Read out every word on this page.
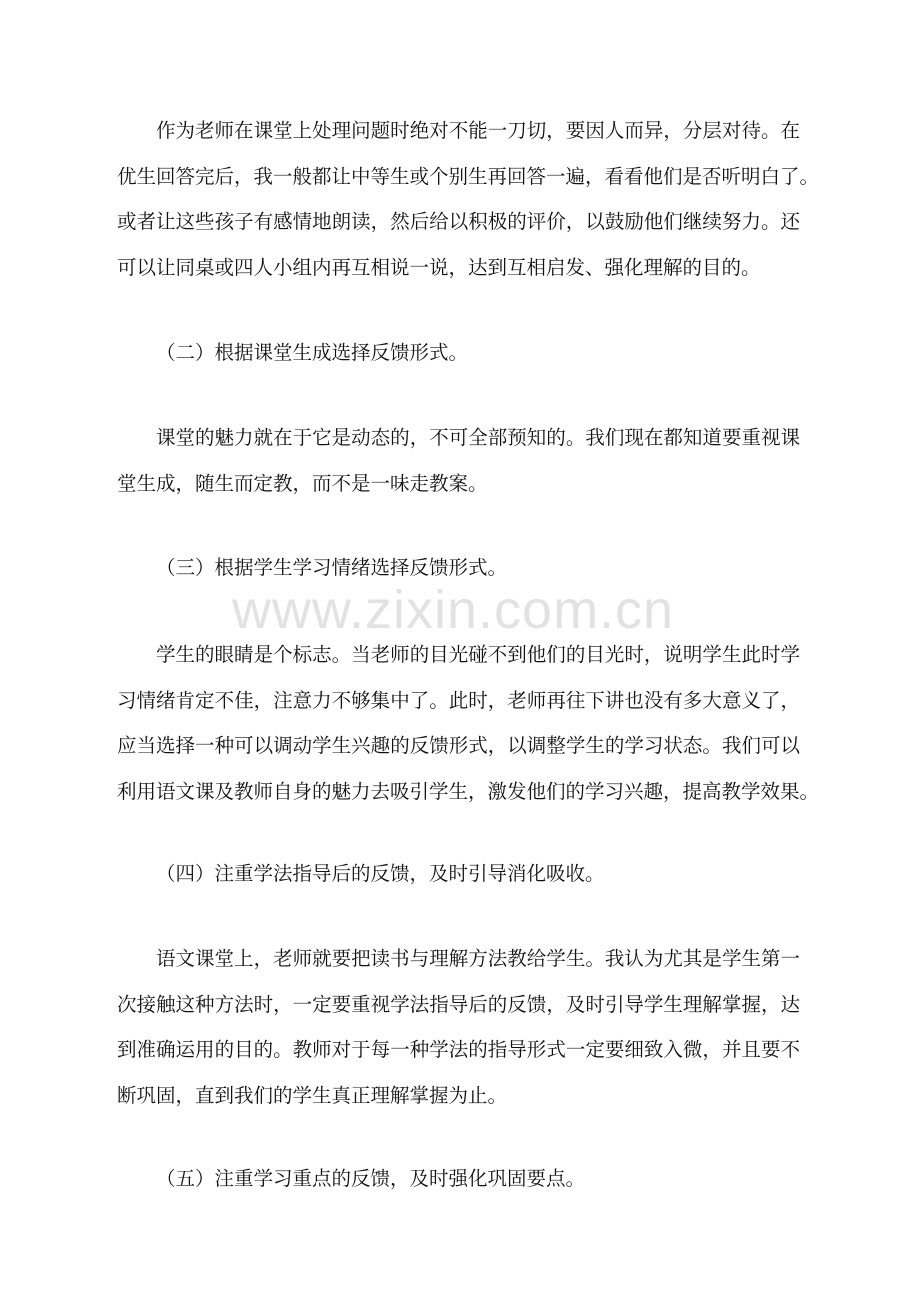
www.zixin.com.cn
作为老师在课堂上处理问题时绝对不能一刀切，要因人而异，分层对待。在
优生回答完后，我一般都让中等生或个别生再回答一遍，看看他们是否听明白了。
或者让这些孩子有感情地朗读，然后给以积极的评价，以鼓励他们继续努力。还
可以让同桌或四人小组内再互相说一说，达到互相启发、强化理解的目的。
（二）根据课堂生成选择反馈形式。
课堂的魅力就在于它是动态的，不可全部预知的。我们现在都知道要重视课
堂生成，随生而定教，而不是一味走教案。
（三）根据学生学习情绪选择反馈形式。
学生的眼睛是个标志。当老师的目光碰不到他们的目光时，说明学生此时学
习情绪肯定不佳，注意力不够集中了。此时，老师再往下讲也没有多大意义了，
应当选择一种可以调动学生兴趣的反馈形式，以调整学生的学习状态。我们可以
利用语文课及教师自身的魅力去吸引学生，激发他们的学习兴趣，提高教学效果。
（四）注重学法指导后的反馈，及时引导消化吸收。
语文课堂上，老师就要把读书与理解方法教给学生。我认为尤其是学生第一
次接触这种方法时，一定要重视学法指导后的反馈，及时引导学生理解掌握，达
到准确运用的目的。教师对于每一种学法的指导形式一定要细致入微，并且要不
断巩固，直到我们的学生真正理解掌握为止。
（五）注重学习重点的反馈，及时强化巩固要点。
